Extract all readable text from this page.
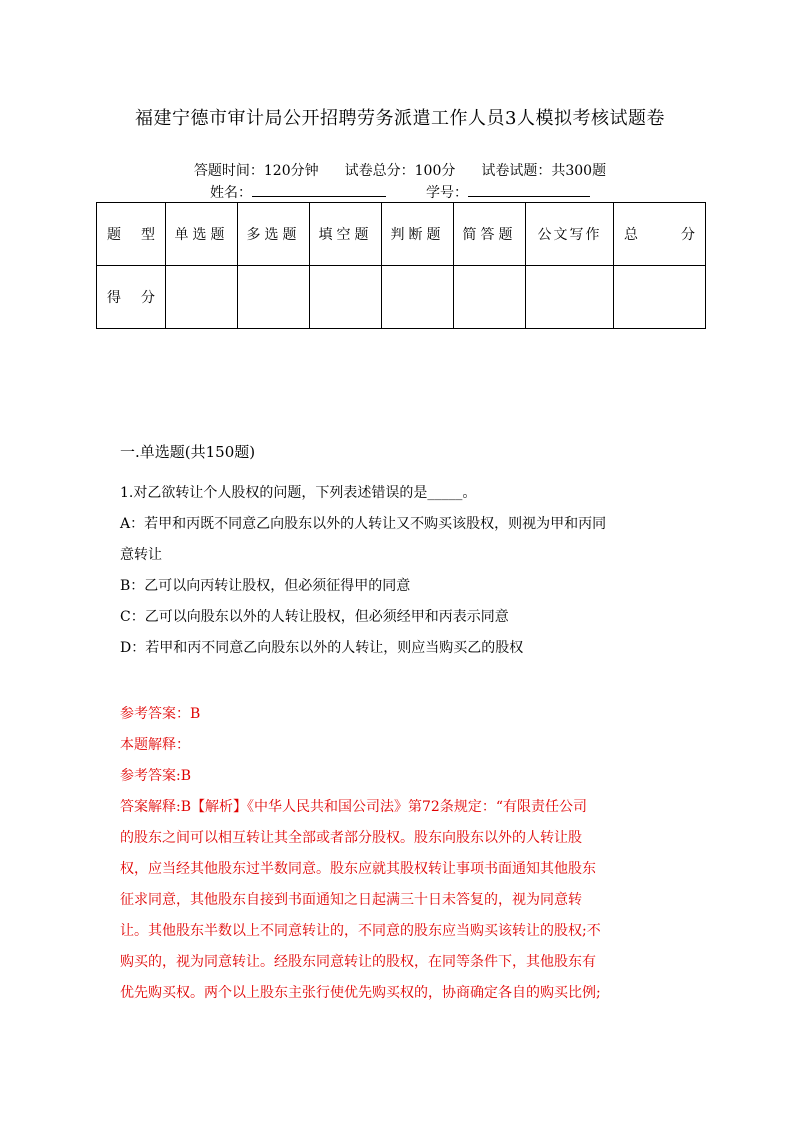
福建宁德市审计局公开招聘劳务派遣工作人员3人模拟考核试题卷
答题时间：120分钟 试卷总分：100分 试卷试题：共300题
姓名：	学号：
题 型	单选题	多选题	填空题	判断题	简答题	公文写作	总 分

得 分							

一.单选题(共150题)
1.对乙欲转让个人股权的问题，下列表述错误的是_____。
A：若甲和丙既不同意乙向股东以外的人转让又不购买该股权，则视为甲和丙同
意转让
B：乙可以向丙转让股权，但必须征得甲的同意
C：乙可以向股东以外的人转让股权，但必须经甲和丙表示同意
D：若甲和丙不同意乙向股东以外的人转让，则应当购买乙的股权
参考答案：B
本题解释：
参考答案:B
答案解释:B【解析】《中华人民共和国公司法》第72条规定：“有限责任公司
的股东之间可以相互转让其全部或者部分股权。股东向股东以外的人转让股
权，应当经其他股东过半数同意。股东应就其股权转让事项书面通知其他股东
征求同意，其他股东自接到书面通知之日起满三十日未答复的，视为同意转
让。其他股东半数以上不同意转让的，不同意的股东应当购买该转让的股权;不
购买的，视为同意转让。经股东同意转让的股权，在同等条件下，其他股东有
优先购买权。两个以上股东主张行使优先购买权的，协商确定各自的购买比例;
